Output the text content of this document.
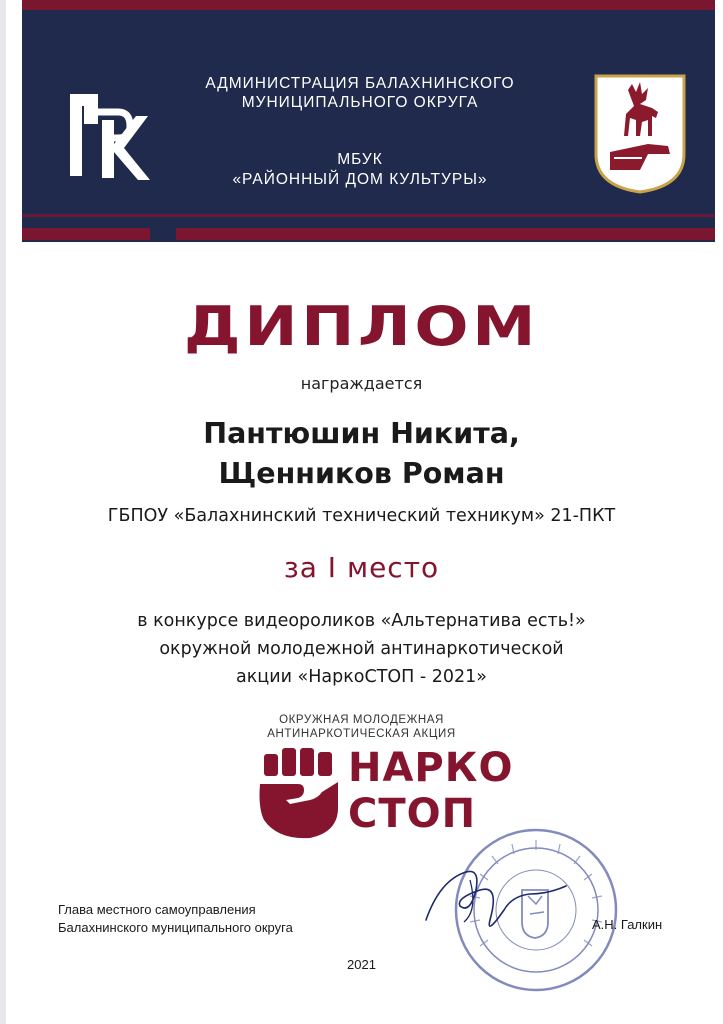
АДМИНИСТРАЦИЯ БАЛАХНИНСКОГО
МУНИЦИПАЛЬНОГО ОКРУГА
МБУК
«РАЙОННЫЙ ДОМ КУЛЬТУРЫ»
ДИПЛОМ
награждается
Пантюшин Никита,
Щенников Роман
ГБПОУ «Балахнинский технический техникум» 21-ПКТ
за I место
в конкурсе видеороликов «Альтернатива есть!»
окружной молодежной антинаркотической
акции «НаркоСТОП - 2021»
ОКРУЖНАЯ МОЛОДЕЖНАЯ
АНТИНАРКОТИЧЕСКАЯ АКЦИЯ
НАРКО
СТОП
Глава местного самоуправления
Балахнинского муниципального округа	А.Н. Галкин
2021
